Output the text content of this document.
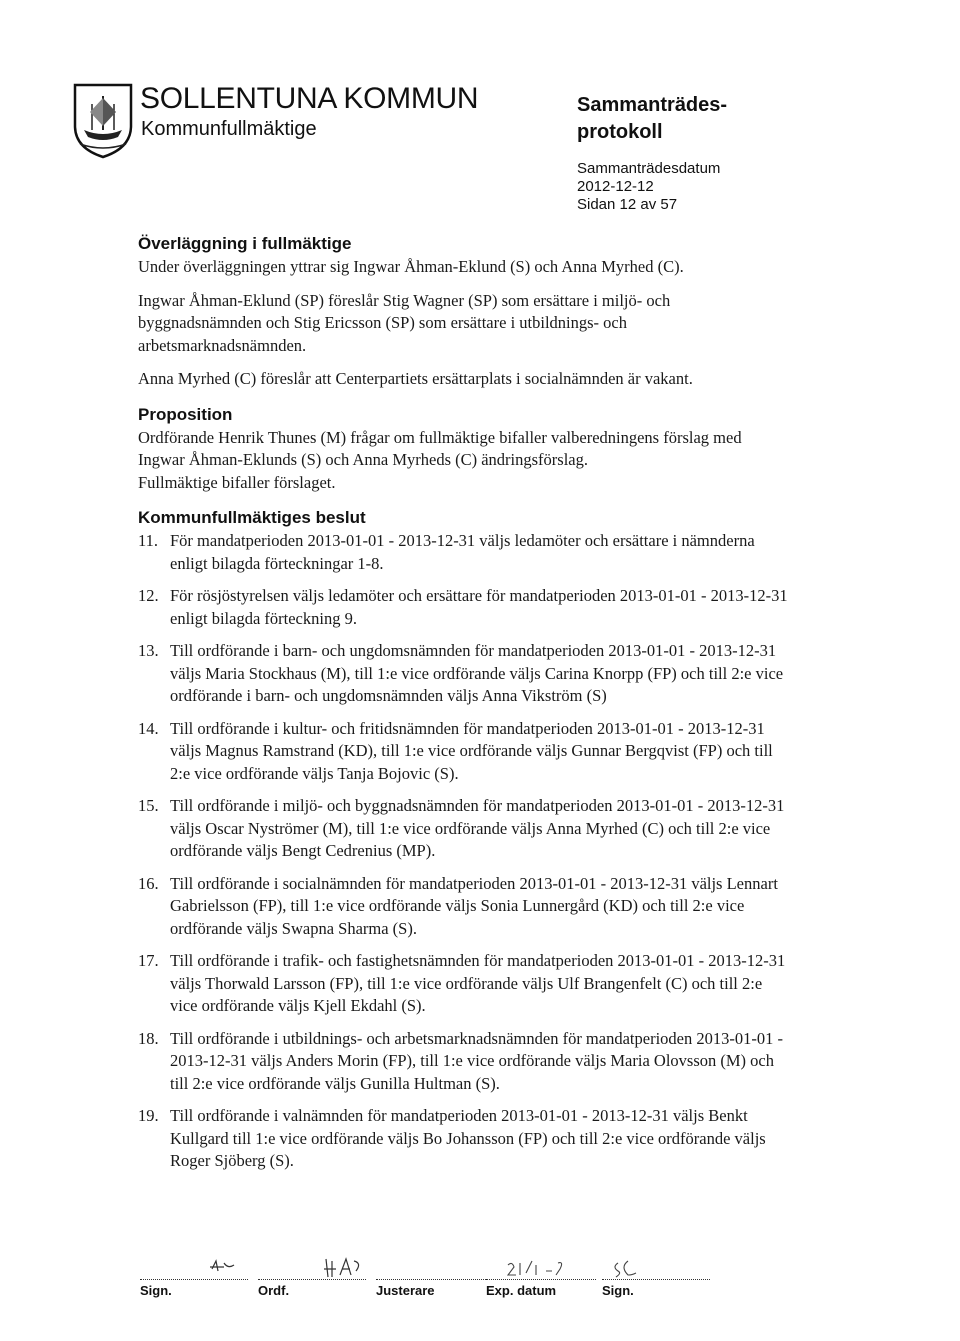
SOLLENTUNA KOMMUN
Kommunfullmäktige
Sammanträdes-
protokoll
Sammanträdesdatum
2012-12-12
Sidan 12 av 57
Överläggning i fullmäktige

Under överläggningen yttrar sig Ingwar Åhman-Eklund (S) och Anna Myrhed (C).

Ingwar Åhman-Eklund (SP) föreslår Stig Wagner (SP) som ersättare i miljö- och byggnadsnämnden och Stig Ericsson (SP) som ersättare i utbildnings- och arbetsmarknadsnämnden.

Anna Myrhed (C) föreslår att Centerpartiets ersättarplats i socialnämnden är vakant.

Proposition

Ordförande Henrik Thunes (M) frågar om fullmäktige bifaller valberedningens förslag med Ingwar Åhman-Eklunds (S) och Anna Myrheds (C) ändringsförslag.

Fullmäktige bifaller förslaget.

Kommunfullmäktiges beslut
11. För mandatperioden 2013-01-01 - 2013-12-31 väljs ledamöter och ersättare i nämnderna enligt bilagda förteckningar 1-8.
12. För rösjöstyrelsen väljs ledamöter och ersättare för mandatperioden 2013-01-01 - 2013-12-31 enligt bilagda förteckning 9.
13. Till ordförande i barn- och ungdomsnämnden för mandatperioden 2013-01-01 - 2013-12-31 väljs Maria Stockhaus (M), till 1:e vice ordförande väljs Carina Knorpp (FP) och till 2:e vice ordförande i barn- och ungdomsnämnden väljs Anna Vikström (S)
14. Till ordförande i kultur- och fritidsnämnden för mandatperioden 2013-01-01 - 2013-12-31 väljs Magnus Ramstrand (KD), till 1:e vice ordförande väljs Gunnar Bergqvist (FP) och till 2:e vice ordförande väljs Tanja Bojovic (S).
15. Till ordförande i miljö- och byggnadsnämnden för mandatperioden 2013-01-01 - 2013-12-31 väljs Oscar Nyströmer (M), till 1:e vice ordförande väljs Anna Myrhed (C) och till 2:e vice ordförande väljs Bengt Cedrenius (MP).
16. Till ordförande i socialnämnden för mandatperioden 2013-01-01 - 2013-12-31 väljs Lennart Gabrielsson (FP), till 1:e vice ordförande väljs Sonia Lunnergård (KD) och till 2:e vice ordförande väljs Swapna Sharma (S).
17. Till ordförande i trafik- och fastighetsnämnden för mandatperioden 2013-01-01 - 2013-12-31 väljs Thorwald Larsson (FP), till 1:e vice ordförande väljs Ulf Brangenfelt (C) och till 2:e vice ordförande väljs Kjell Ekdahl (S).
18. Till ordförande i utbildnings- och arbetsmarknadsnämnden för mandatperioden 2013-01-01 - 2013-12-31 väljs Anders Morin (FP), till 1:e vice ordförande väljs Maria Olovsson (M) och till 2:e vice ordförande väljs Gunilla Hultman (S).
19. Till ordförande i valnämnden för mandatperioden 2013-01-01 - 2013-12-31 väljs Benkt Kullgard till 1:e vice ordförande väljs Bo Johansson (FP) och till 2:e vice ordförande väljs Roger Sjöberg (S).
Sign.	Ordf.	Justerare	Exp. datum	Sign.
